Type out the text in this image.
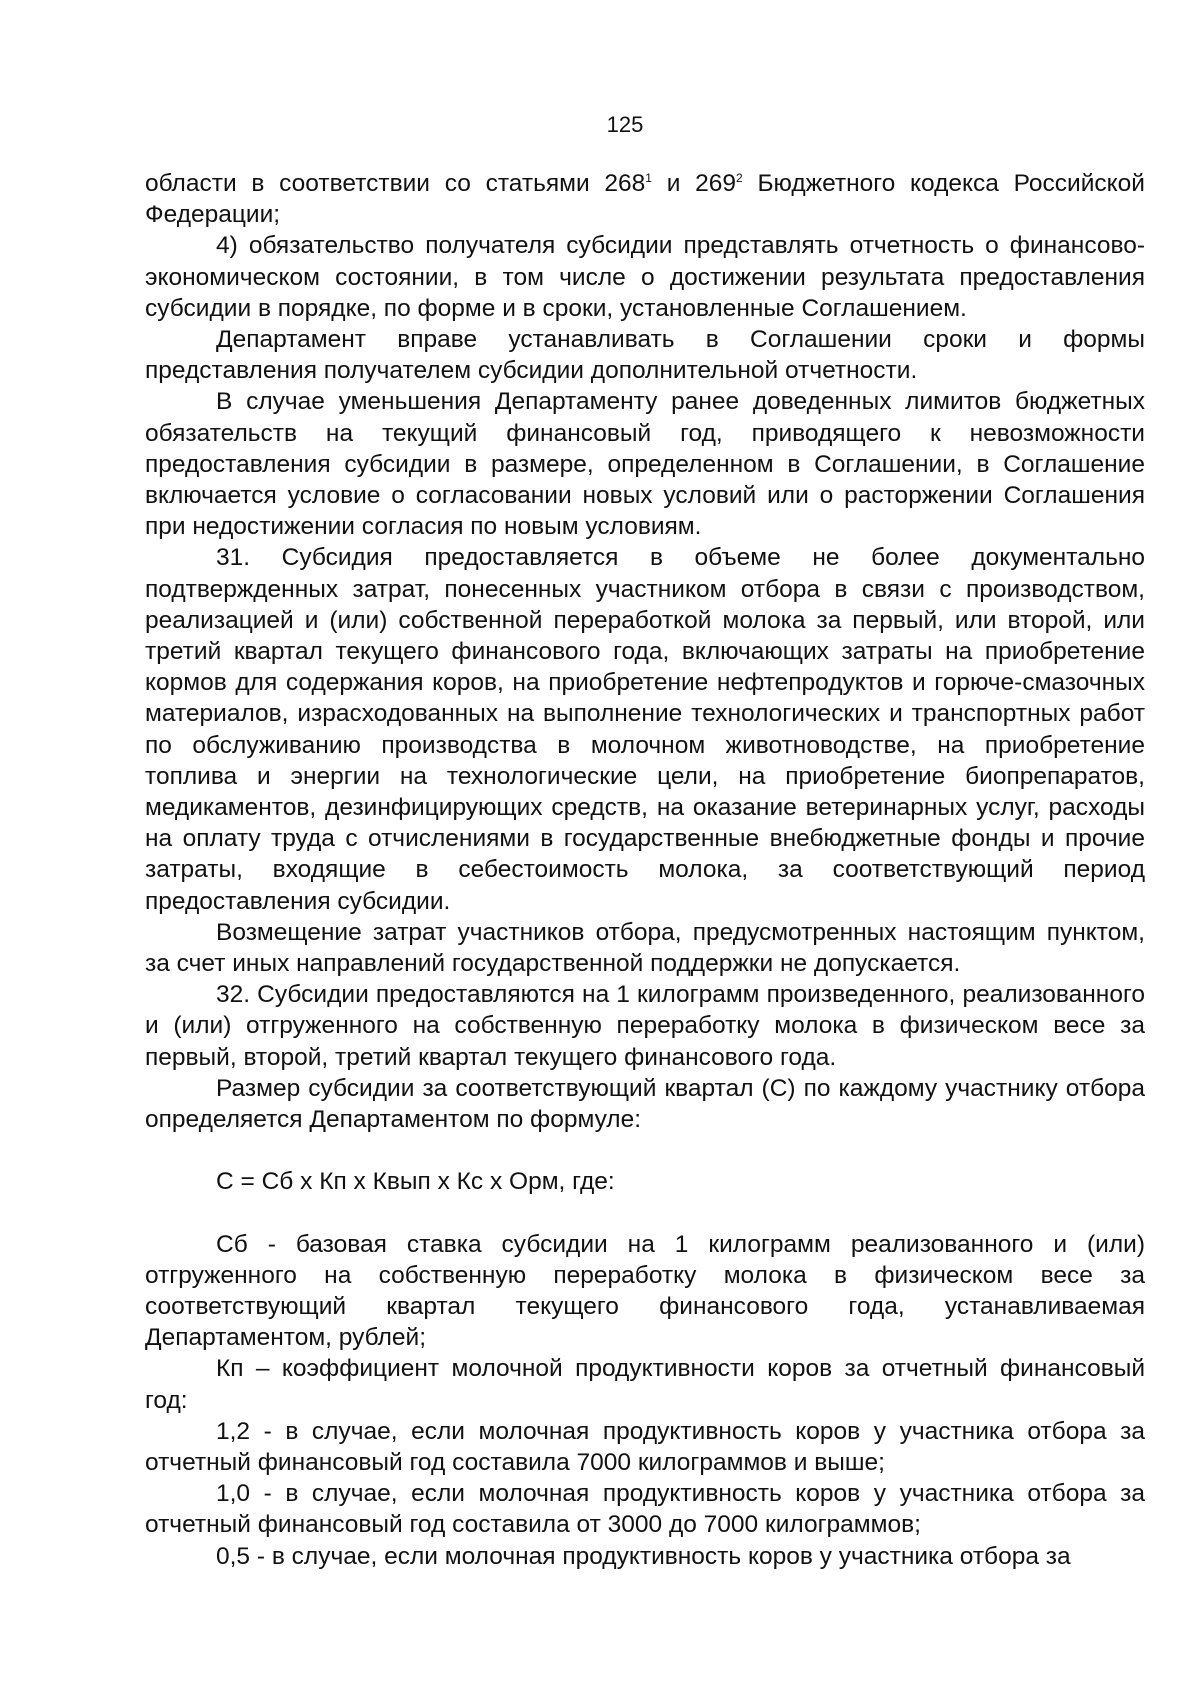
125

области в соответствии со статьями $268^1$ и $269^2$ Бюджетного кодекса Российской Федерации;

4) обязательство получателя субсидии представлять отчетность о финансово-экономическом состоянии, в том числе о достижении результата предоставления субсидии в порядке, по форме и в сроки, установленные Соглашением.

Департамент вправе устанавливать в Соглашении сроки и формы представления получателем субсидии дополнительной отчетности.

В случае уменьшения Департаменту ранее доведенных лимитов бюджетных обязательств на текущий финансовый год, приводящего к невозможности предоставления субсидии в размере, определенном в Соглашении, в Соглашение включается условие о согласовании новых условий или о расторжении Соглашения при недостижении согласия по новым условиям.

31. Субсидия предоставляется в объеме не более документально подтвержденных затрат, понесенных участником отбора в связи с производством, реализацией и (или) собственной переработкой молока за первый, или второй, или третий квартал текущего финансового года, включающих затраты на приобретение кормов для содержания коров, на приобретение нефтепродуктов и горюче-смазочных материалов, израсходованных на выполнение технологических и транспортных работ по обслуживанию производства в молочном животноводстве, на приобретение топлива и энергии на технологические цели, на приобретение биопрепаратов, медикаментов, дезинфицирующих средств, на оказание ветеринарных услуг, расходы на оплату труда с отчислениями в государственные внебюджетные фонды и прочие затраты, входящие в себестоимость молока, за соответствующий период предоставления субсидии.

Возмещение затрат участников отбора, предусмотренных настоящим пунктом, за счет иных направлений государственной поддержки не допускается.

32. Субсидии предоставляются на 1 килограмм произведенного, реализованного и (или) отгруженного на собственную переработку молока в физическом весе за первый, второй, третий квартал текущего финансового года.

Размер субсидии за соответствующий квартал (С) по каждому участнику отбора определяется Департаментом по формуле:

С = Сб х Кп х Квып х Кс х Орм, где:

Сб - базовая ставка субсидии на 1 килограмм реализованного и (или) отгруженного на собственную переработку молока в физическом весе за соответствующий квартал текущего финансового года, устанавливаемая Департаментом, рублей;

Кп – коэффициент молочной продуктивности коров за отчетный финансовый год:

1,2 - в случае, если молочная продуктивность коров у участника отбора за отчетный финансовый год составила 7000 килограммов и выше;

1,0 - в случае, если молочная продуктивность коров у участника отбора за отчетный финансовый год составила от 3000 до 7000 килограммов;

0,5 - в случае, если молочная продуктивность коров у участника отбора за
